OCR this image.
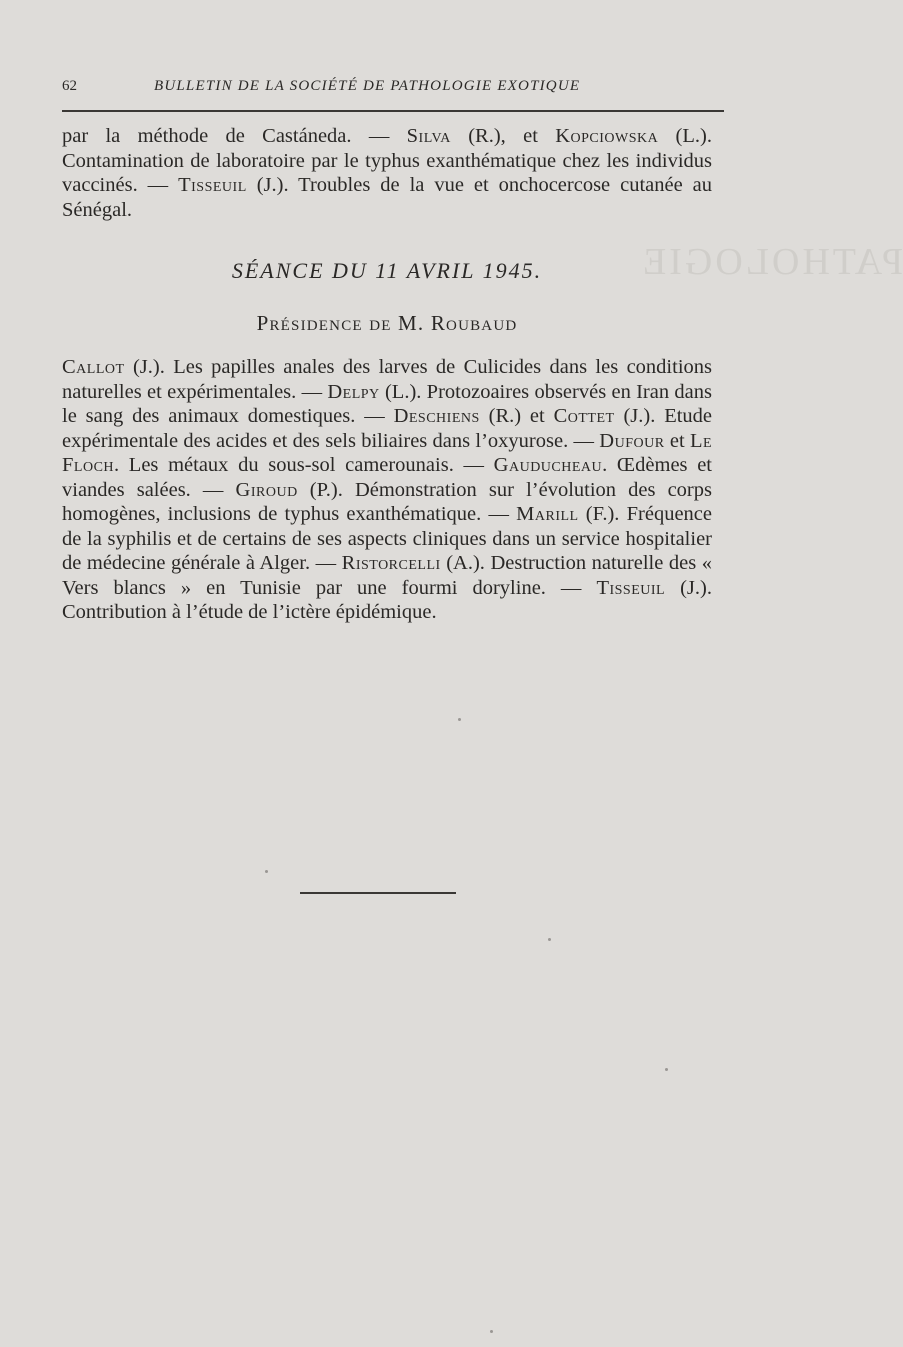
PATHOLOGIE
62	BULLETIN DE LA SOCIÉTÉ DE PATHOLOGIE EXOTIQUE

par la méthode de Castáneda. — Silva (R.), et Kopciowska (L.). Contamination de laboratoire par le typhus exanthématique chez les individus vaccinés. — Tisseuil (J.). Troubles de la vue et onchocercose cutanée au Sénégal.

SÉANCE DU 11 AVRIL 1945.
Présidence de M. Roubaud

Callot (J.). Les papilles anales des larves de Culicides dans les conditions naturelles et expérimentales. — Delpy (L.). Protozoaires observés en Iran dans le sang des animaux domestiques. — Deschiens (R.) et Cottet (J.). Etude expérimentale des acides et des sels biliaires dans l’oxyurose. — Dufour et Le Floch. Les métaux du sous-sol camerounais. — Gauducheau. Œdèmes et viandes salées. — Giroud (P.). Démonstration sur l’évolution des corps homogènes, inclusions de typhus exanthématique. — Marill (F.). Fréquence de la syphilis et de certains de ses aspects cliniques dans un service hospitalier de médecine générale à Alger. — Ristorcelli (A.). Destruction naturelle des « Vers blancs » en Tunisie par une fourmi doryline. — Tisseuil (J.). Contribution à l’étude de l’ictère épidémique.
